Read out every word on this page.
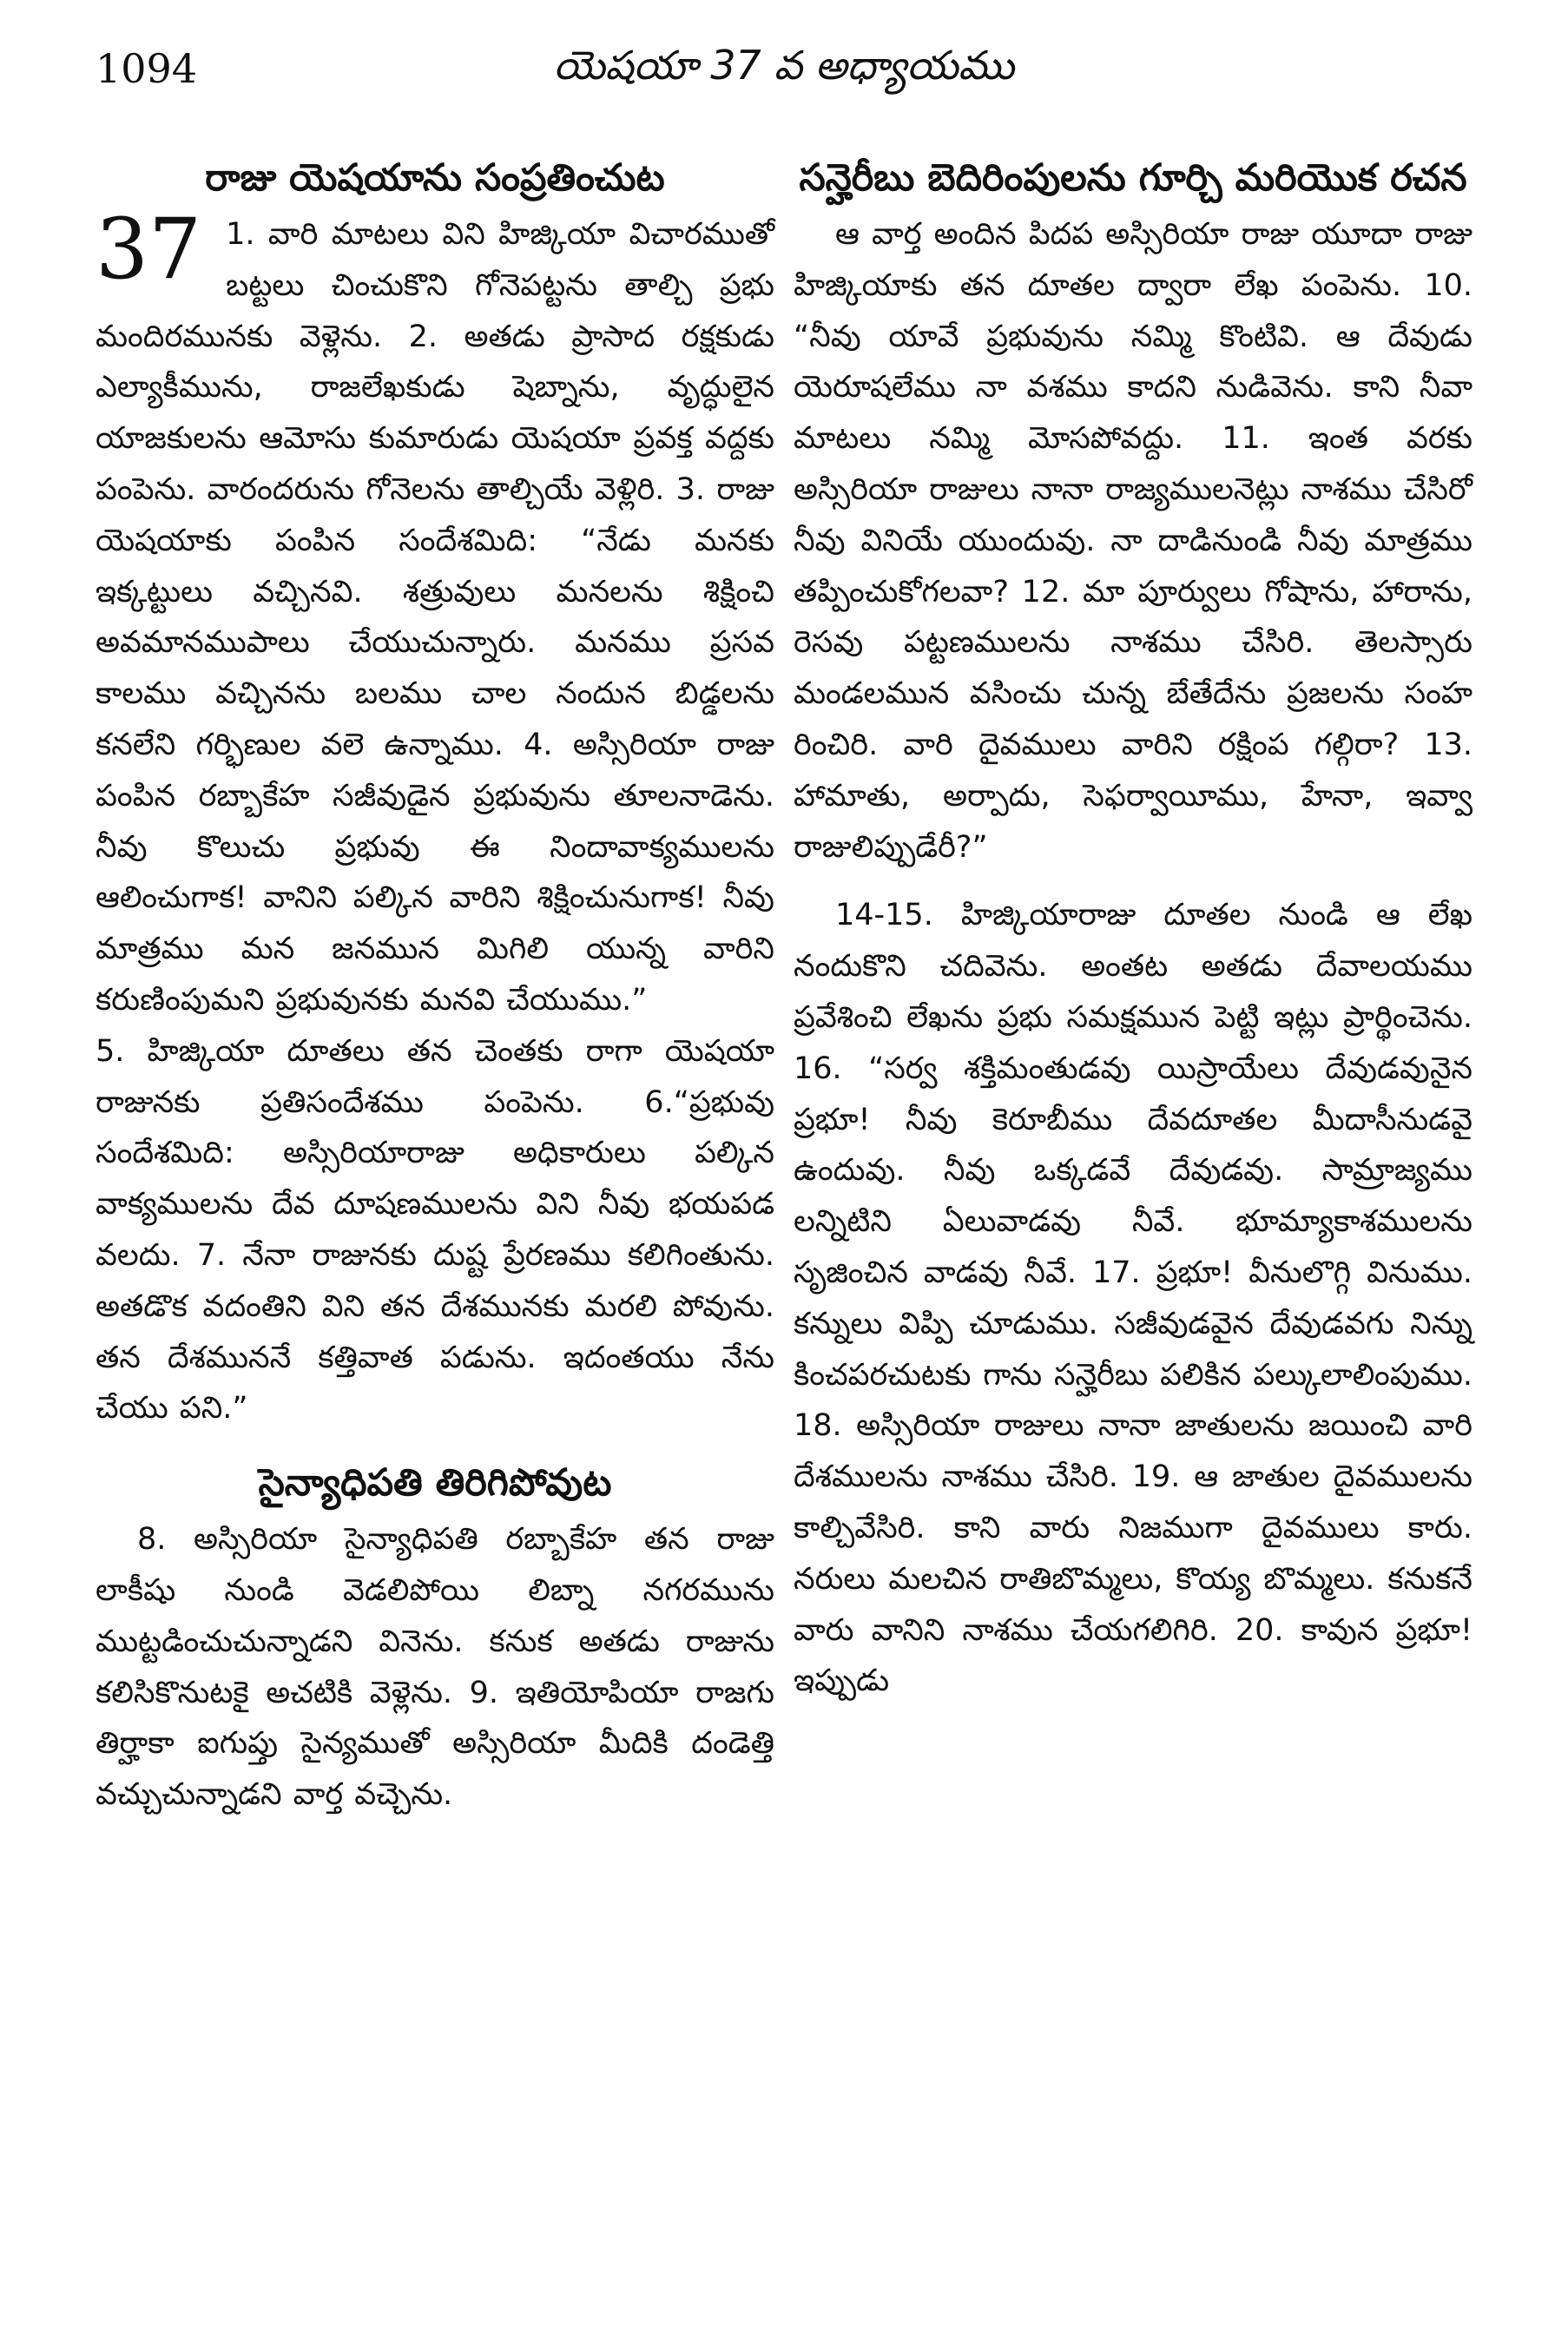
1094	యెషయా 37 వ అధ్యాయము
రాజు యెషయాను సంప్రతించుట
37 1. వారి మాటలు విని హిజ్కియా విచారముతో బట్టలు చించుకొని గోనెపట్టను తాల్చి ప్రభు మందిరమునకు వెళ్లెను. 2. అతడు ప్రాసాద రక్షకుడు ఎల్యాకీమును, రాజలేఖకుడు షెబ్నాను, వృద్ధులైన యాజకులను ఆమోసు కుమారుడు యెషయా ప్రవక్త వద్దకు పంపెను. వారందరును గోనెలను తాల్చియే వెళ్లిరి. 3. రాజు యెషయాకు పంపిన సందేశమిది: “నేడు మనకు ఇక్కట్టులు వచ్చినవి. శత్రువులు మనలను శిక్షించి అవమానముపాలు చేయుచున్నారు. మనము ప్రసవ కాలము వచ్చినను బలము చాల నందున బిడ్డలను కనలేని గర్భిణుల వలె ఉన్నాము. 4. అస్సిరియా రాజు పంపిన రబ్బాకేహ సజీవుడైన ప్రభువును తూలనాడెను. నీవు కొలుచు ప్రభువు ఈ నిందావాక్యములను ఆలించుగాక! వానిని పల్కిన వారిని శిక్షించునుగాక! నీవు మాత్రము మన జనమున మిగిలి యున్న వారిని కరుణింపుమని ప్రభువునకు మనవి చేయుము.”

5. హిజ్కియా దూతలు తన చెంతకు రాగా యెషయా రాజునకు ప్రతిసందేశము పంపెను. 6.“ప్రభువు సందేశమిది: అస్సిరియారాజు అధికారులు పల్కిన వాక్యములను దేవ దూషణములను విని నీవు భయపడ వలదు. 7. నేనా రాజునకు దుష్ట ప్రేరణము కలిగింతును. అతడొక వదంతిని విని తన దేశమునకు మరలి పోవును. తన దేశముననే కత్తివాత పడును. ఇదంతయు నేను చేయు పని.”

సైన్యాధిపతి తిరిగిపోవుట

8. అస్సిరియా సైన్యాధిపతి రబ్బాకేహ తన రాజు లాకీషు నుండి వెడలిపోయి లిబ్నా నగరమును ముట్టడించుచున్నాడని వినెను. కనుక అతడు రాజును కలిసికొనుటకై అచటికి వెళ్లెను. 9. ఇతియోపియా రాజగు తిర్హాకా ఐగుప్తు సైన్యముతో అస్సిరియా మీదికి దండెత్తి వచ్చుచున్నాడని వార్త వచ్చెను.

సన్హెరీబు బెదిరింపులను గూర్చి మరియొక రచన

ఆ వార్త అందిన పిదప అస్సిరియా రాజు యూదా రాజు హిజ్కియాకు తన దూతల ద్వారా లేఖ పంపెను. 10. “నీవు యావే ప్రభువును నమ్మి కొంటివి. ఆ దేవుడు యెరూషలేము నా వశము కాదని నుడివెను. కాని నీవా మాటలు నమ్మి మోసపోవద్దు. 11. ఇంత వరకు అస్సిరియా రాజులు నానా రాజ్యములనెట్లు నాశము చేసిరో నీవు వినియే యుందువు. నా దాడినుండి నీవు మాత్రము తప్పించుకోగలవా? 12. మా పూర్వులు గోషాను, హారాను, రెసవు పట్టణములను నాశము చేసిరి. తెలస్సారు మండలమున వసించు చున్న బేతేదేను ప్రజలను సంహ రించిరి. వారి దైవములు వారిని రక్షింప గల్గిరా? 13. హామాతు, అర్పాదు, సెఫర్వాయీము, హేనా, ఇవ్వా రాజులిప్పుడేరీ?”

14-15. హిజ్కియారాజు దూతల నుండి ఆ లేఖ నందుకొని చదివెను. అంతట అతడు దేవాలయము ప్రవేశించి లేఖను ప్రభు సమక్షమున పెట్టి ఇట్లు ప్రార్థించెను. 16. “సర్వ శక్తిమంతుడవు యిస్రాయేలు దేవుడవునైన ప్రభూ! నీవు కెరూబీము దేవదూతల మీదాసీనుడవై ఉందువు. నీవు ఒక్కడవే దేవుడవు. సామ్రాజ్యము లన్నిటిని ఏలువాడవు నీవే. భూమ్యాకాశములను సృజించిన వాడవు నీవే. 17. ప్రభూ! వీనులొగ్గి వినుము. కన్నులు విప్పి చూడుము. సజీవుడవైన దేవుడవగు నిన్ను కించపరచుటకు గాను సన్హెరీబు పలికిన పల్కులాలింపుము. 18. అస్సిరియా రాజులు నానా జాతులను జయించి వారి దేశములను నాశము చేసిరి. 19. ఆ జాతుల దైవములను కాల్చివేసిరి. కాని వారు నిజముగా దైవములు కారు. నరులు మలచిన రాతిబొమ్మలు, కొయ్య బొమ్మలు. కనుకనే వారు వానిని నాశము చేయగలిగిరి. 20. కావున ప్రభూ! ఇప్పుడు
